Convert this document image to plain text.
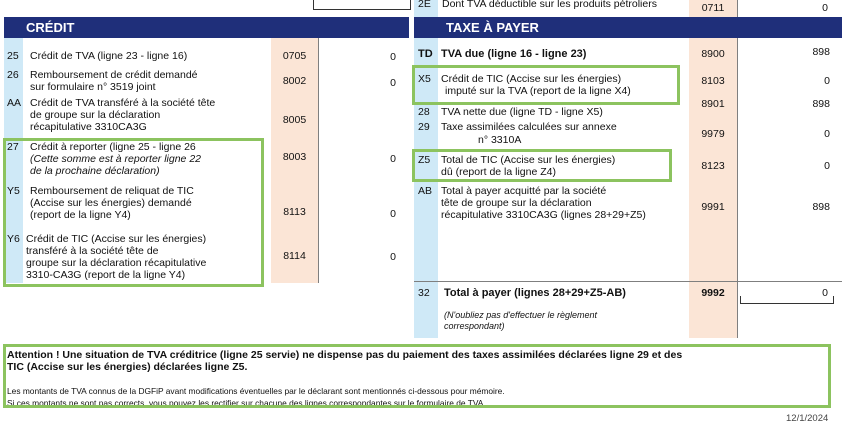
2E Dont TVA déductible sur les produits pétroliers	0711	0
CRÉDIT	TAXE À PAYER
25 Crédit de TVA (ligne 23 - ligne 16)	0705	0
26 Remboursement de crédit demandé
sur formulaire n° 3519 joint	8002	0
AA Crédit de TVA transféré à la société tête
de groupe sur la déclaration
récapitulative 3310CA3G
8005
27 Crédit à reporter (ligne 25 - ligne 26
(Cette somme est à reporter ligne 22
de la prochaine déclaration)
8003	0
Y5 Remboursement de reliquat de TIC
(Accise sur les énergies) demandé
(report de la ligne Y4)	8113	0
Y6 Crédit de TIC (Accise sur les énergies)
transféré à la société tête de
groupe sur la déclaration récapitulative
3310-CA3G (report de la ligne Y4)
8114	0
TD TVA due (ligne 16 - ligne 23)	8900	898
X5 Crédit de TIC (Accise sur les énergies)
imputé sur la TVA (report de la ligne X4)
8103	0
28 TVA nette due (ligne TD - ligne X5)
8901	898
29 Taxe assimilées calculées sur annexe
n° 3310A	9979	0
Z5 Total de TIC (Accise sur les énergies)
dû (report de la ligne Z4)	8123	0
AB Total à payer acquitté par la société
tête de groupe sur la déclaration
récapitulative 3310CA3G (lignes 28+29+Z5)
9991	898
32 Total à payer (lignes 28+29+Z5-AB)	9992	0
(N'oubliez pas d'effectuer le règlement
correspondant)
Attention ! Une situation de TVA créditrice (ligne 25 servie) ne dispense pas du paiement des taxes assimilées déclarées ligne 29 et des
TIC (Accise sur les énergies) déclarées ligne Z5.
Les montants de TVA connus de la DGFiP avant modifications éventuelles par le déclarant sont mentionnés ci-dessous pour mémoire.
Si ces montants ne sont pas corrects, vous pouvez les rectifier sur chacune des lignes correspondantes sur le formulaire de TVA.
12/1/2024
